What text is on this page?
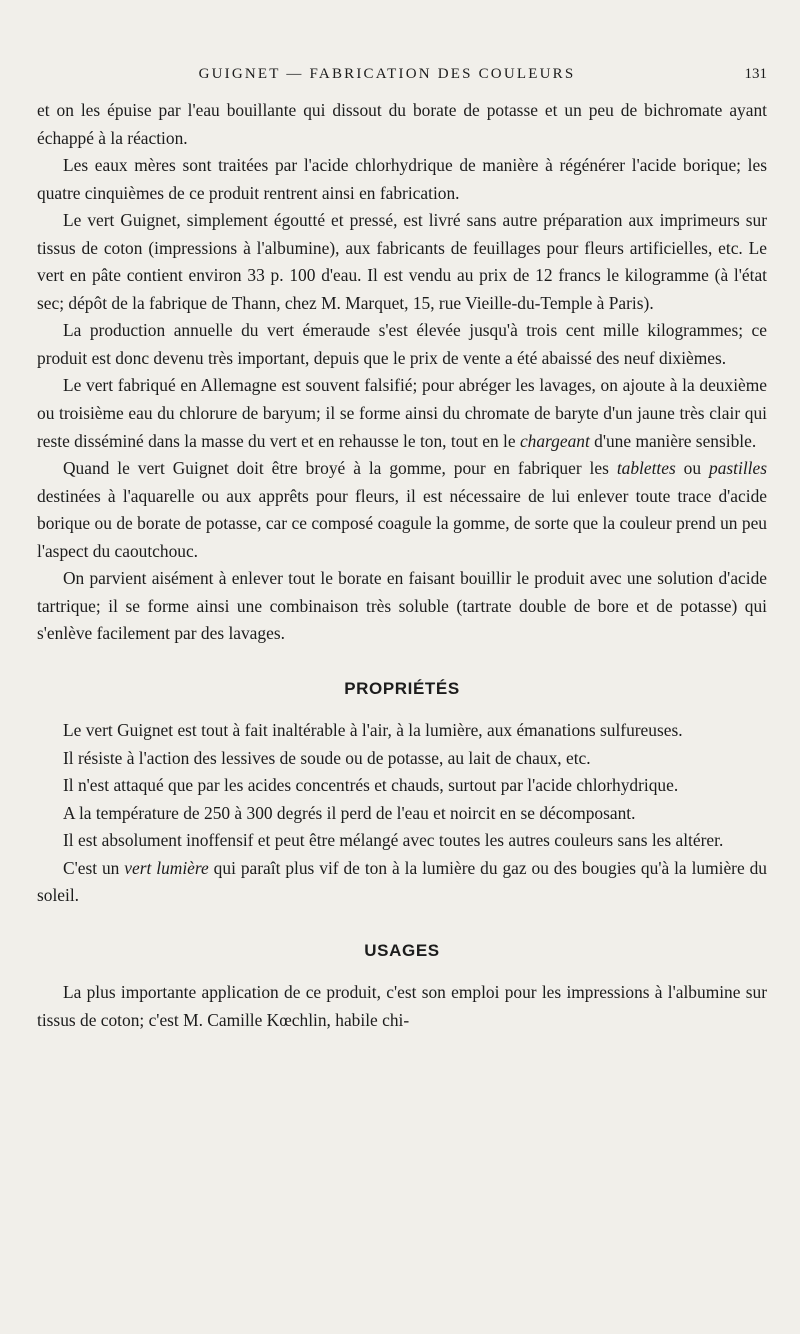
GUIGNET — FABRICATION DES COULEURS	131

et on les épuise par l'eau bouillante qui dissout du borate de potasse et un peu de bichromate ayant échappé à la réaction.

Les eaux mères sont traitées par l'acide chlorhydrique de manière à régénérer l'acide borique; les quatre cinquièmes de ce produit rentrent ainsi en fabrication.

Le vert Guignet, simplement égoutté et pressé, est livré sans autre préparation aux imprimeurs sur tissus de coton (impressions à l'albumine), aux fabricants de feuillages pour fleurs artificielles, etc. Le vert en pâte contient environ 33 p. 100 d'eau. Il est vendu au prix de 12 francs le kilogramme (à l'état sec; dépôt de la fabrique de Thann, chez M. Marquet, 15, rue Vieille-du-Temple à Paris).

La production annuelle du vert émeraude s'est élevée jusqu'à trois cent mille kilogrammes; ce produit est donc devenu très important, depuis que le prix de vente a été abaissé des neuf dixièmes.

Le vert fabriqué en Allemagne est souvent falsifié; pour abréger les lavages, on ajoute à la deuxième ou troisième eau du chlorure de baryum; il se forme ainsi du chromate de baryte d'un jaune très clair qui reste disséminé dans la masse du vert et en rehausse le ton, tout en le chargeant d'une manière sensible.

Quand le vert Guignet doit être broyé à la gomme, pour en fabriquer les tablettes ou pastilles destinées à l'aquarelle ou aux apprêts pour fleurs, il est nécessaire de lui enlever toute trace d'acide borique ou de borate de potasse, car ce composé coagule la gomme, de sorte que la couleur prend un peu l'aspect du caoutchouc.

On parvient aisément à enlever tout le borate en faisant bouillir le produit avec une solution d'acide tartrique; il se forme ainsi une combinaison très soluble (tartrate double de bore et de potasse) qui s'enlève facilement par des lavages.

PROPRIÉTÉS

Le vert Guignet est tout à fait inaltérable à l'air, à la lumière, aux émanations sulfureuses.

Il résiste à l'action des lessives de soude ou de potasse, au lait de chaux, etc.

Il n'est attaqué que par les acides concentrés et chauds, surtout par l'acide chlorhydrique.

A la température de 250 à 300 degrés il perd de l'eau et noircit en se décomposant.

Il est absolument inoffensif et peut être mélangé avec toutes les autres couleurs sans les altérer.

C'est un vert lumière qui paraît plus vif de ton à la lumière du gaz ou des bougies qu'à la lumière du soleil.

USAGES

La plus importante application de ce produit, c'est son emploi pour les impressions à l'albumine sur tissus de coton; c'est M. Camille Kœchlin, habile chi-
